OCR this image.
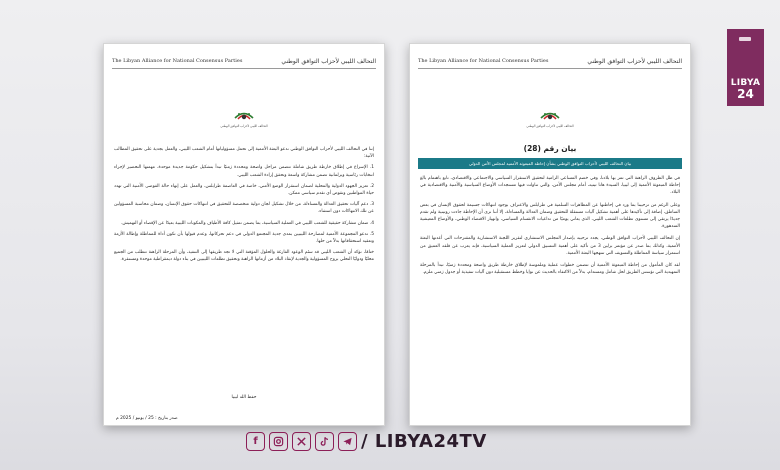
The Libyan Alliance for National Consensus Parties	التحالف الليبي لأحزاب التوافق الوطني
التحالف الليبي لأحزاب التوافق الوطني

إننا في التحالف الليبي لأحزاب التوافق الوطني ندعو البعثة الأممية إلى تحمل مسؤولياتها أمام الشعب الليبي، والعمل بجدية على تحقيق المطالب الآتية:

1. الإسراع في إطلاق خارطة طريق شاملة تتضمن مراحل واضحة ومحددة زمنيًا تبدأ بتشكيل حكومة جديدة موحدة، مهمتها التحضير لإجراء انتخابات رئاسية وبرلمانية تضمن مشاركة واسعة وتحقق إرادة الشعب الليبي.

2. تعزيز الجهود الدولية والمحلية لضمان استقرار الوضع الأمني، خاصة في العاصمة طرابلس، والعمل على إنهاء حالة الفوضى الأمنية التي تهدد حياة المواطنين وتقوض أي تقدم سياسي ممكن.

3. دعم آليات تحقيق العدالة والمساءلة، من خلال تشكيل لجان دولية متخصصة للتحقيق في انتهاكات حقوق الإنسان، وضمان محاسبة المسؤولين عن تلك الانتهاكات دون استثناء.

4. ضمان مشاركة حقيقية للشعب الليبي في العملية السياسية، بما يضمن تمثيل كافة الأطياف والمكونات الليبية بعيدًا عن الإقصاء أو التهميش.

5. تدعو المجموعة الأممية لمصارحة الليبيين بمدى جدية المجتمع الدولي في دعم تحركاتها، وعدم قبولها بأن تكون أداة للمماطلة وإطالة الأزمة وتعقيد استحقاقاتها بدلاً من حلها.

ختامًا، نؤكد أن الشعب الليبي قد سئم الوعود الفارغة والحلول المؤقتة التي لا تجد طريقها إلى التنفيذ، وأن المرحلة الراهنة تتطلب من الجميع محليًا ودوليًا التحلي بروح المسؤولية والجدية لإنقاذ البلاد من أزماتها الراهنة وتحقيق تطلعات الليبيين في بناء دولة ديمقراطية موحدة ومستقرة.

حفظ الله ليبيا
صدر بتاريخ : 25 / يونيو / 2025 م
The Libyan Alliance for National Consensus Parties	التحالف الليبي لأحزاب التوافق الوطني
التحالف الليبي لأحزاب التوافق الوطني
بيان رقم (28)
بيان التحالف الليبي لأحزاب التوافق الوطني بشأن إحاطة المبعوثة الأممية لمجلس الأمن الدولي

في ظل الظروف الراهنة التي تمر بها بلادنا، وفي خضم المساعي الرامية لتحقيق الاستقرار السياسي والاجتماعي والاقتصادي، تابع باهتمام بالغ إحاطة المبعوثة الأممية إلى ليبيا، السيدة هانا تيتيه، أمام مجلس الأمن، والتي تناولت فيها مستجدات الأوضاع السياسية والأمنية والاقتصادية في البلاد.

وعلى الرغم من ترحيبنا بما ورد في إحاطتها عن المظاهرات السلمية في طرابلس والاعتراف بوجود انتهاكات جسيمة لحقوق الإنسان في بعض المناطق، إضافة إلى تأكيدها على أهمية تشكيل آليات مستقلة للتحقيق وضمان العدالة والمساءلة، إلا أننا نرى أن الإحاطة جاءت روتينية ولم تقدم جديدًا يرتقي إلى مستوى تطلعات الشعب الليبي، الذي يعاني يوميًا من تداعيات الانقسام السياسي، وانهيار الاقتصاد الوطني، والأوضاع المعيشية المتدهورة.

إن التحالف الليبي لأحزاب التوافق الوطني، يجدد ترحيبه بإصدار المجلس الاستشاري لتقرير اللجنة الاستشارية والمقترحات التي أعدتها البعثة الأممية، وكذلك بما صدر عن مؤتمر برلين 3 من تأكيد على أهمية التنسيق الدولي لتعزيز العملية السياسية، فإنه يعرب عن قلقه العميق من استمرار سياسة المماطلة والتسويف التي تنتهجها البعثة الأممية.

لقد كان المأمول من إحاطة المبعوثة الأممية أن تتضمن خطوات عملية وملموسة لإطلاق خارطة طريق واضحة ومحددة زمنيًا، تبدأ بالمرحلة التمهيدية التي تؤسس الطريق لحل شامل ومستدام، بدلاً من الاكتفاء بالحديث عن نوايا وخطط مستقبلية دون آليات تنفيذية أو جدول زمني ملزم.

LIBYA
24
f	/ LIBYA24TV
